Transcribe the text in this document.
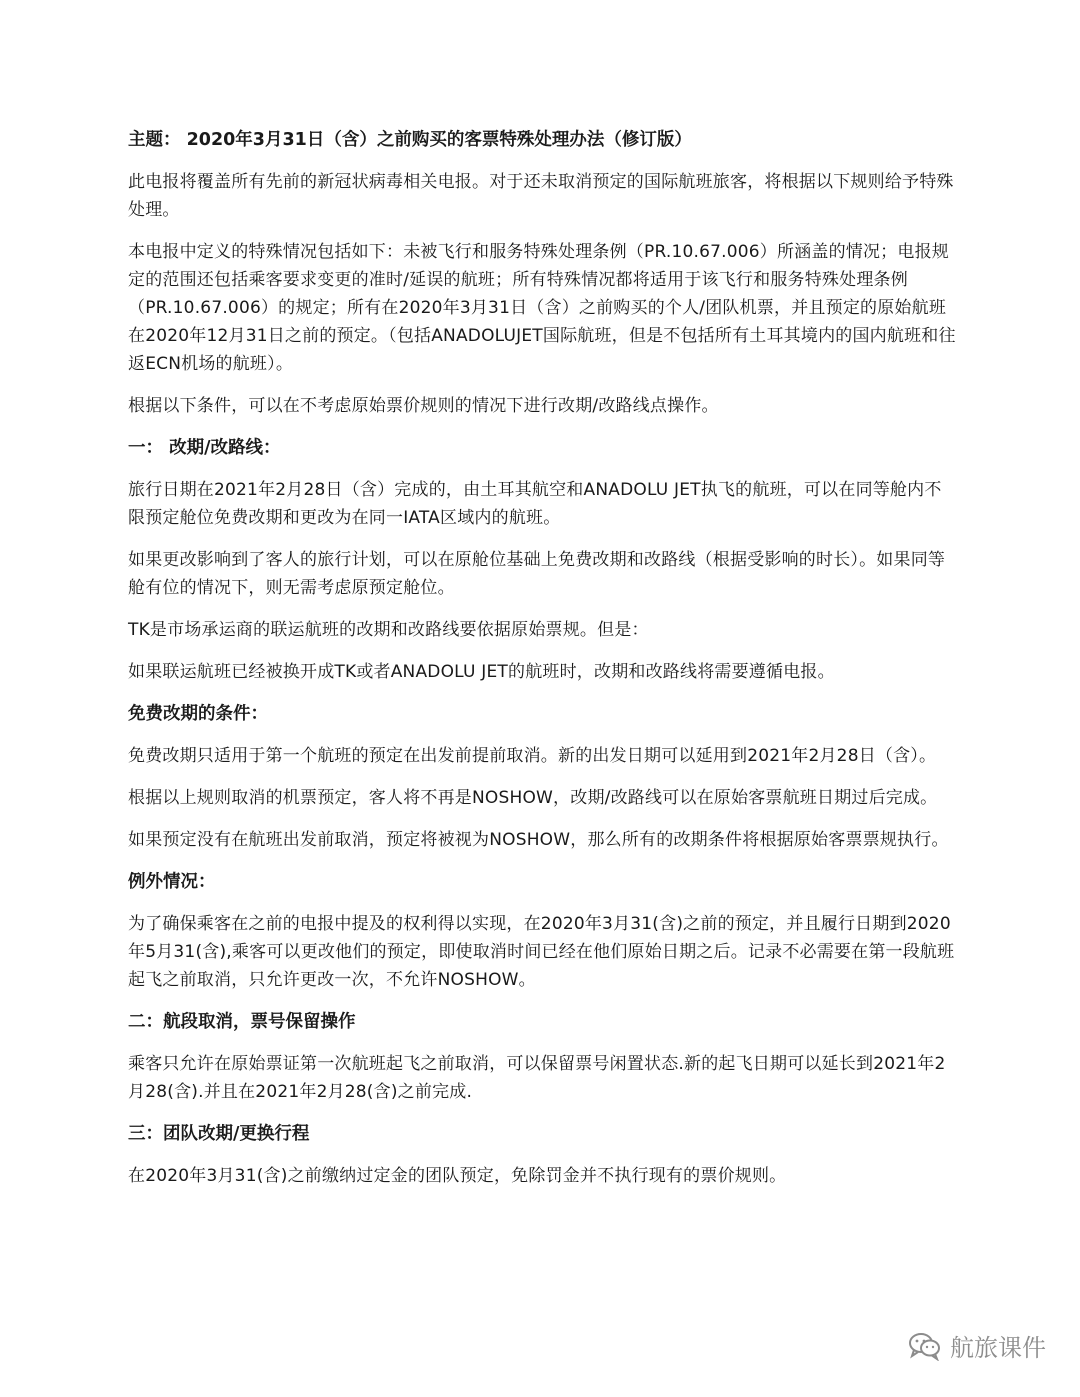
主题： 2020年3月31日（含）之前购买的客票特殊处理办法（修订版）

此电报将覆盖所有先前的新冠状病毒相关电报。对于还未取消预定的国际航班旅客，将根据以下规则给予特殊处理。

本电报中定义的特殊情况包括如下：未被飞行和服务特殊处理条例（PR.10.67.006）所涵盖的情况；电报规定的范围还包括乘客要求变更的准时/延误的航班；所有特殊情况都将适用于该飞行和服务特殊处理条例（PR.10.67.006）的规定；所有在2020年3月31日（含）之前购买的个人/团队机票，并且预定的原始航班在2020年12月31日之前的预定。（包括ANADOLUJET国际航班，但是不包括所有土耳其境内的国内航班和往返ECN机场的航班）。

根据以下条件，可以在不考虑原始票价规则的情况下进行改期/改路线点操作。

一： 改期/改路线：

旅行日期在2021年2月28日（含）完成的，由土耳其航空和ANADOLU JET执飞的航班，可以在同等舱内不限预定舱位免费改期和更改为在同一IATA区域内的航班。

如果更改影响到了客人的旅行计划，可以在原舱位基础上免费改期和改路线（根据受影响的时长）。如果同等舱有位的情况下，则无需考虑原预定舱位。

TK是市场承运商的联运航班的改期和改路线要依据原始票规。但是：

如果联运航班已经被换开成TK或者ANADOLU JET的航班时，改期和改路线将需要遵循电报。

免费改期的条件：

免费改期只适用于第一个航班的预定在出发前提前取消。新的出发日期可以延用到2021年2月28日（含）。

根据以上规则取消的机票预定，客人将不再是NOSHOW，改期/改路线可以在原始客票航班日期过后完成。

如果预定没有在航班出发前取消，预定将被视为NOSHOW，那么所有的改期条件将根据原始客票票规执行。

例外情况：

为了确保乘客在之前的电报中提及的权利得以实现，在2020年3月31(含)之前的预定，并且履行日期到2020年5月31(含),乘客可以更改他们的预定，即使取消时间已经在他们原始日期之后。记录不必需要在第一段航班起飞之前取消，只允许更改一次，不允许NOSHOW。

二：航段取消，票号保留操作

乘客只允许在原始票证第一次航班起飞之前取消，可以保留票号闲置状态.新的起飞日期可以延长到2021年2月28(含).并且在2021年2月28(含)之前完成.

三：团队改期/更换行程

在2020年3月31(含)之前缴纳过定金的团队预定，免除罚金并不执行现有的票价规则。

航旅课件
